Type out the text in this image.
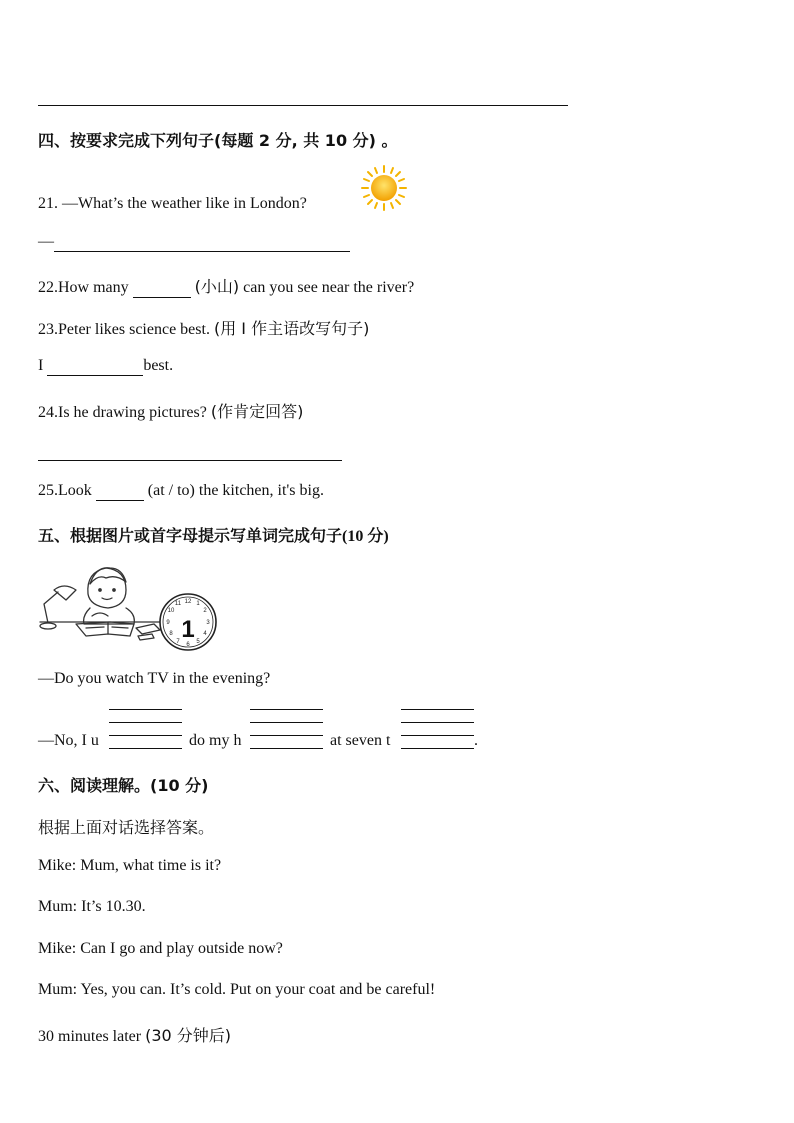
四、按要求完成下列句子(每题 2 分, 共 10 分) 。
21. —What’s the weather like in London?
—
22.How many	(小山) can you see near the river?
23.Peter likes science best. (用 I 作主语改写句子)
I	best.
24.Is he drawing pictures? (作肯定回答)
25.Look	(at / to) the kitchen, it's big.
五、根据图片或首字母提示写单词完成句子(10 分)
12 1
2
3
4
5
6
7
8
9
10
11
1
—Do you watch TV in the evening?
—No, I u	do my h	at seven t	.
六、阅读理解。(10 分)
根据上面对话选择答案。
Mike: Mum, what time is it?
Mum: It’s 10.30.
Mike: Can I go and play outside now?
Mum: Yes, you can. It’s cold. Put on your coat and be careful!
30 minutes later (30 分钟后)
